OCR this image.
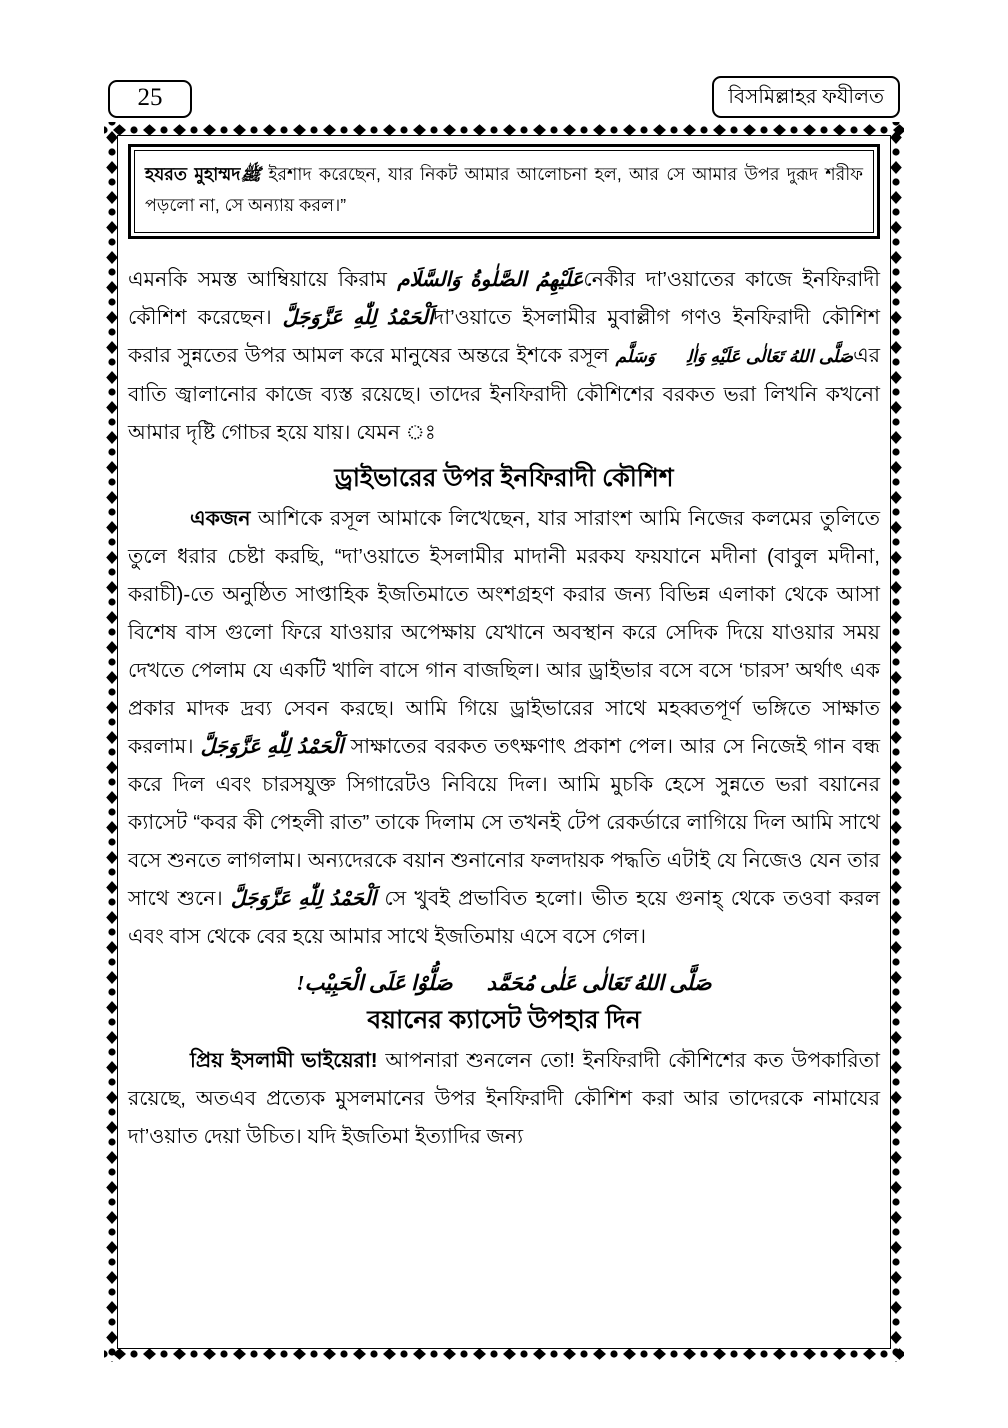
25	বিসমিল্লাহর ফযীলত
হযরত মুহাম্মদﷺ ইরশাদ করেছেন, যার নিকট আমার আলোচনা হল, আর সে আমার উপর দুরূদ শরীফ পড়লো না, সে অন্যায় করল।”

এমনকি সমস্ত আম্বিয়ায়ে কিরাম عَلَيْهِمُ الصَّلٰوةُ وَالسَّلَامনেকীর দা’ওয়াতের কাজে ইনফিরাদী কৌশিশ করেছেন। اَلْحَمْدُ لِلّٰهِ عَزَّوَجَلَّদা’ওয়াতে ইসলামীর মুবাল্লীগ গণও ইনফিরাদী কৌশিশ করার সুন্নতের উপর আমল করে মানুষের অন্তরে ইশকে রসূল صَلَّى اللهُ تَعَالٰى عَلَيْهِ وَاٰلِهٖ وَسَلَّمএর বাতি জ্বালানোর কাজে ব্যস্ত রয়েছে। তাদের ইনফিরাদী কৌশিশের বরকত ভরা লিখনি কখনো আমার দৃষ্টি গোচর হয়ে যায়। যেমন ঃ

ড্রাইভারের উপর ইনফিরাদী কৌশিশ

একজন আশিকে রসূল আমাকে লিখেছেন, যার সারাংশ আমি নিজের কলমের তুলিতে তুলে ধরার চেষ্টা করছি, “দা’ওয়াতে ইসলামীর মাদানী মরকয ফয়যানে মদীনা (বাবুল মদীনা, করাচী)-তে অনুষ্ঠিত সাপ্তাহিক ইজতিমাতে অংশগ্রহণ করার জন্য বিভিন্ন এলাকা থেকে আসা বিশেষ বাস গুলো ফিরে যাওয়ার অপেক্ষায় যেখানে অবস্থান করে সেদিক দিয়ে যাওয়ার সময় দেখতে পেলাম যে একটি খালি বাসে গান বাজছিল। আর ড্রাইভার বসে বসে ‘চারস’ অর্থাৎ এক প্রকার মাদক দ্রব্য সেবন করছে। আমি গিয়ে ড্রাইভারের সাথে মহব্বতপূর্ণ ভঙ্গিতে সাক্ষাত করলাম। اَلْحَمْدُ لِلّٰهِ عَزَّوَجَلَّ সাক্ষাতের বরকত তৎক্ষণাৎ প্রকাশ পেল। আর সে নিজেই গান বন্ধ করে দিল এবং চারসযুক্ত সিগারেটও নিবিয়ে দিল। আমি মুচকি হেসে সুন্নতে ভরা বয়ানের ক্যাসেট “কবর কী পেহলী রাত” তাকে দিলাম সে তখনই টেপ রেকর্ডারে লাগিয়ে দিল আমি সাথে বসে শুনতে লাগলাম। অন্যদেরকে বয়ান শুনানোর ফলদায়ক পদ্ধতি এটাই যে নিজেও যেন তার সাথে শুনে। اَلْحَمْدُ لِلّٰهِ عَزَّوَجَلَّ সে খুবই প্রভাবিত হলো। ভীত হয়ে গুনাহ্ থেকে তওবা করল এবং বাস থেকে বের হয়ে আমার সাথে ইজতিমায় এসে বসে গেল।

صَلَّى اللهُ تَعَالٰى عَلٰى مُحَمَّدصَلُّوْا عَلَى الْحَبِيْب!
বয়ানের ক্যাসেট উপহার দিন

প্রিয় ইসলামী ভাইয়েরা! আপনারা শুনলেন তো! ইনফিরাদী কৌশিশের কত উপকারিতা রয়েছে, অতএব প্রত্যেক মুসলমানের উপর ইনফিরাদী কৌশিশ করা আর তাদেরকে নামাযের দা’ওয়াত দেয়া উচিত। যদি ইজতিমা ইত্যাদির জন্য
